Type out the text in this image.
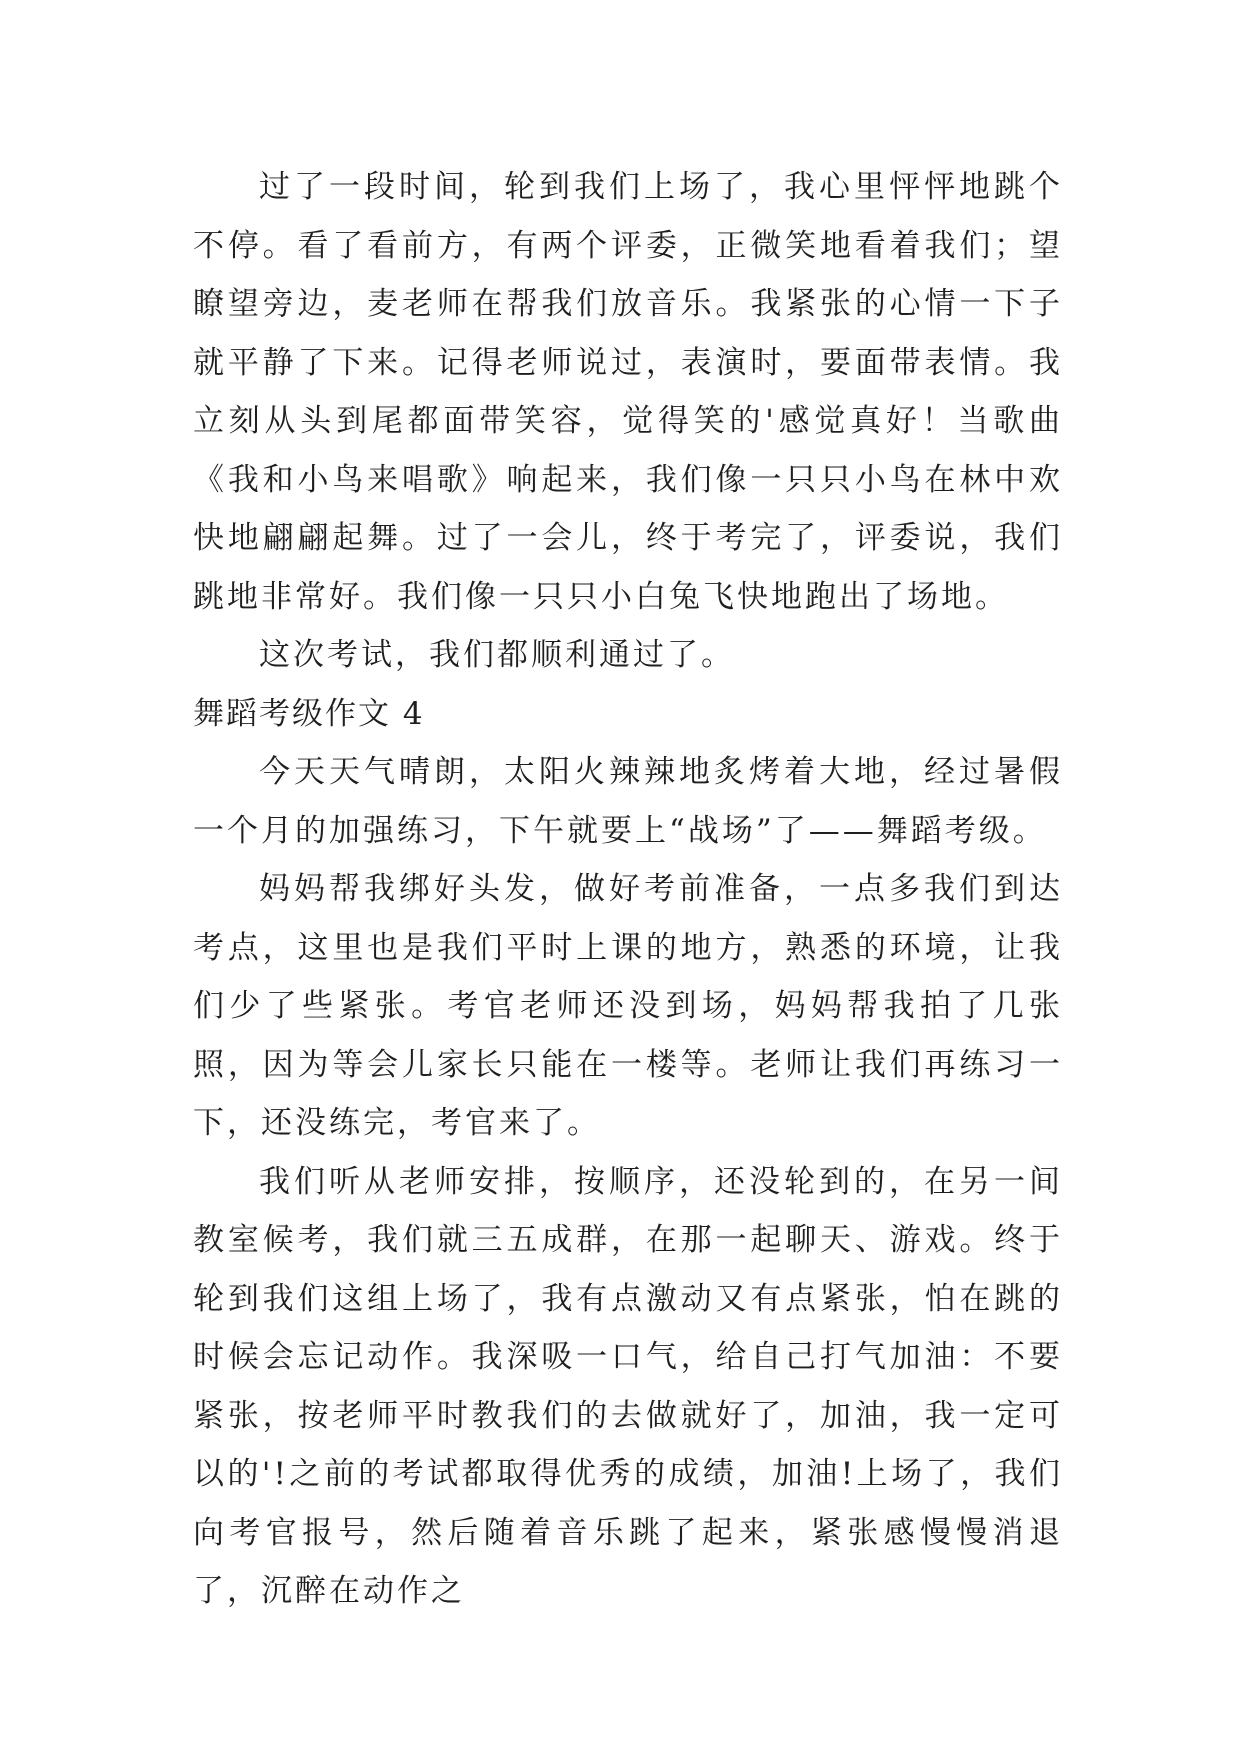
过了一段时间，轮到我们上场了，我心里怦怦地跳个不停。看了看前方，有两个评委，正微笑地看着我们；望瞭望旁边，麦老师在帮我们放音乐。我紧张的心情一下子就平静了下来。记得老师说过，表演时，要面带表情。我立刻从头到尾都面带笑容，觉得笑的'感觉真好！当歌曲《我和小鸟来唱歌》响起来，我们像一只只小鸟在林中欢快地翩翩起舞。过了一会儿，终于考完了，评委说，我们跳地非常好。我们像一只只小白兔飞快地跑出了场地。

这次考试，我们都顺利通过了。

舞蹈考级作文 4

今天天气晴朗，太阳火辣辣地炙烤着大地，经过暑假一个月的加强练习，下午就要上“战场”了——舞蹈考级。

妈妈帮我绑好头发，做好考前准备，一点多我们到达考点，这里也是我们平时上课的地方，熟悉的环境，让我们少了些紧张。考官老师还没到场，妈妈帮我拍了几张照，因为等会儿家长只能在一楼等。老师让我们再练习一下，还没练完，考官来了。

我们听从老师安排，按顺序，还没轮到的，在另一间教室候考，我们就三五成群，在那一起聊天、游戏。终于轮到我们这组上场了，我有点激动又有点紧张，怕在跳的时候会忘记动作。我深吸一口气，给自己打气加油：不要紧张，按老师平时教我们的去做就好了，加油，我一定可以的'!之前的考试都取得优秀的成绩，加油!上场了，我们向考官报号，然后随着音乐跳了起来，紧张感慢慢消退了，沉醉在动作之
